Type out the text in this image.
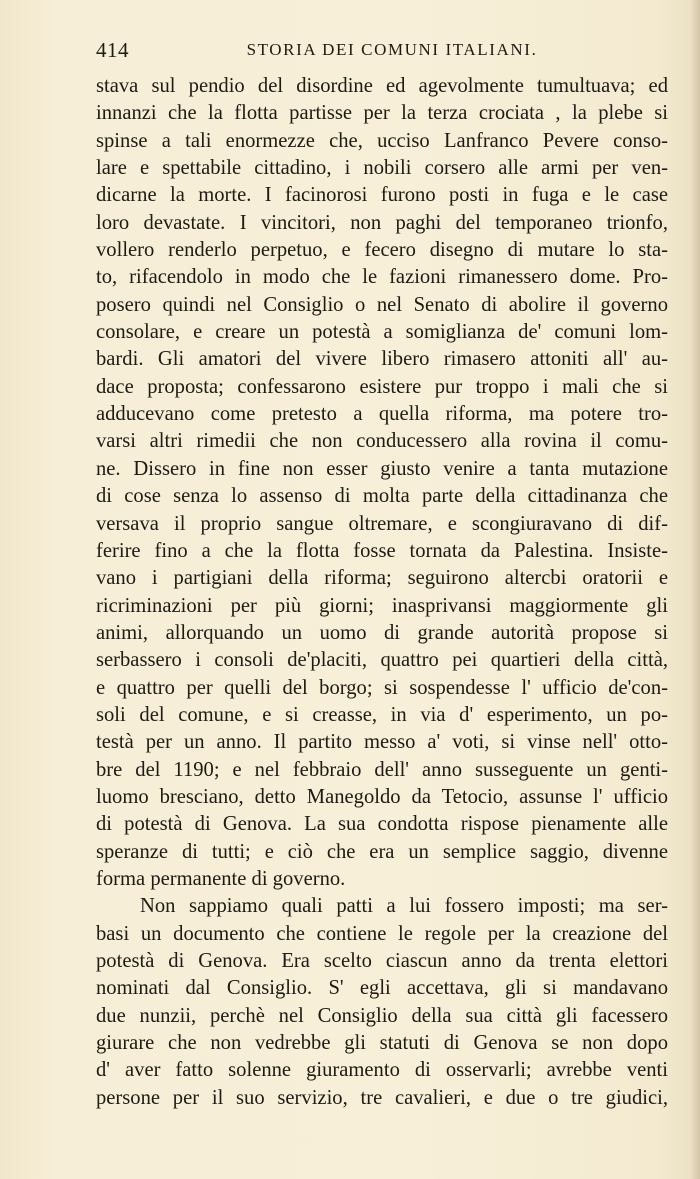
414	STORIA DEI COMUNI ITALIANI.
stava sul pendio del disordine ed agevolmente tumultuava; ed
innanzi che la flotta partisse per la terza crociata , la plebe si
spinse a tali enormezze che, ucciso Lanfranco Pevere conso-
lare e spettabile cittadino, i nobili corsero alle armi per ven-
dicarne la morte. I facinorosi furono posti in fuga e le case
loro devastate. I vincitori, non paghi del temporaneo trionfo,
vollero renderlo perpetuo, e fecero disegno di mutare lo sta-
to, rifacendolo in modo che le fazioni rimanessero dome. Pro-
posero quindi nel Consiglio o nel Senato di abolire il governo
consolare, e creare un potestà a somiglianza de' comuni lom-
bardi. Gli amatori del vivere libero rimasero attoniti all' au-
dace proposta; confessarono esistere pur troppo i mali che si
adducevano come pretesto a quella riforma, ma potere tro-
varsi altri rimedii che non conducessero alla rovina il comu-
ne. Dissero in fine non esser giusto venire a tanta mutazione
di cose senza lo assenso di molta parte della cittadinanza che
versava il proprio sangue oltremare, e scongiuravano di dif-
ferire fino a che la flotta fosse tornata da Palestina. Insiste-
vano i partigiani della riforma; seguirono altercbi oratorii e
ricriminazioni per più giorni; inasprivansi maggiormente gli
animi, allorquando un uomo di grande autorità propose si
serbassero i consoli de'placiti, quattro pei quartieri della città,
e quattro per quelli del borgo; si sospendesse l' ufficio de'con-
soli del comune, e si creasse, in via d' esperimento, un po-
testà per un anno. Il partito messo a' voti, si vinse nell' otto-
bre del 1190; e nel febbraio dell' anno susseguente un genti-
luomo bresciano, detto Manegoldo da Tetocio, assunse l' ufficio
di potestà di Genova. La sua condotta rispose pienamente alle
speranze di tutti; e ciò che era un semplice saggio, divenne
forma permanente di governo.
Non sappiamo quali patti a lui fossero imposti; ma ser-
basi un documento che contiene le regole per la creazione del
potestà di Genova. Era scelto ciascun anno da trenta elettori
nominati dal Consiglio. S' egli accettava, gli si mandavano
due nunzii, perchè nel Consiglio della sua città gli facessero
giurare che non vedrebbe gli statuti di Genova se non dopo
d' aver fatto solenne giuramento di osservarli; avrebbe venti
persone per il suo servizio, tre cavalieri, e due o tre giudici,
